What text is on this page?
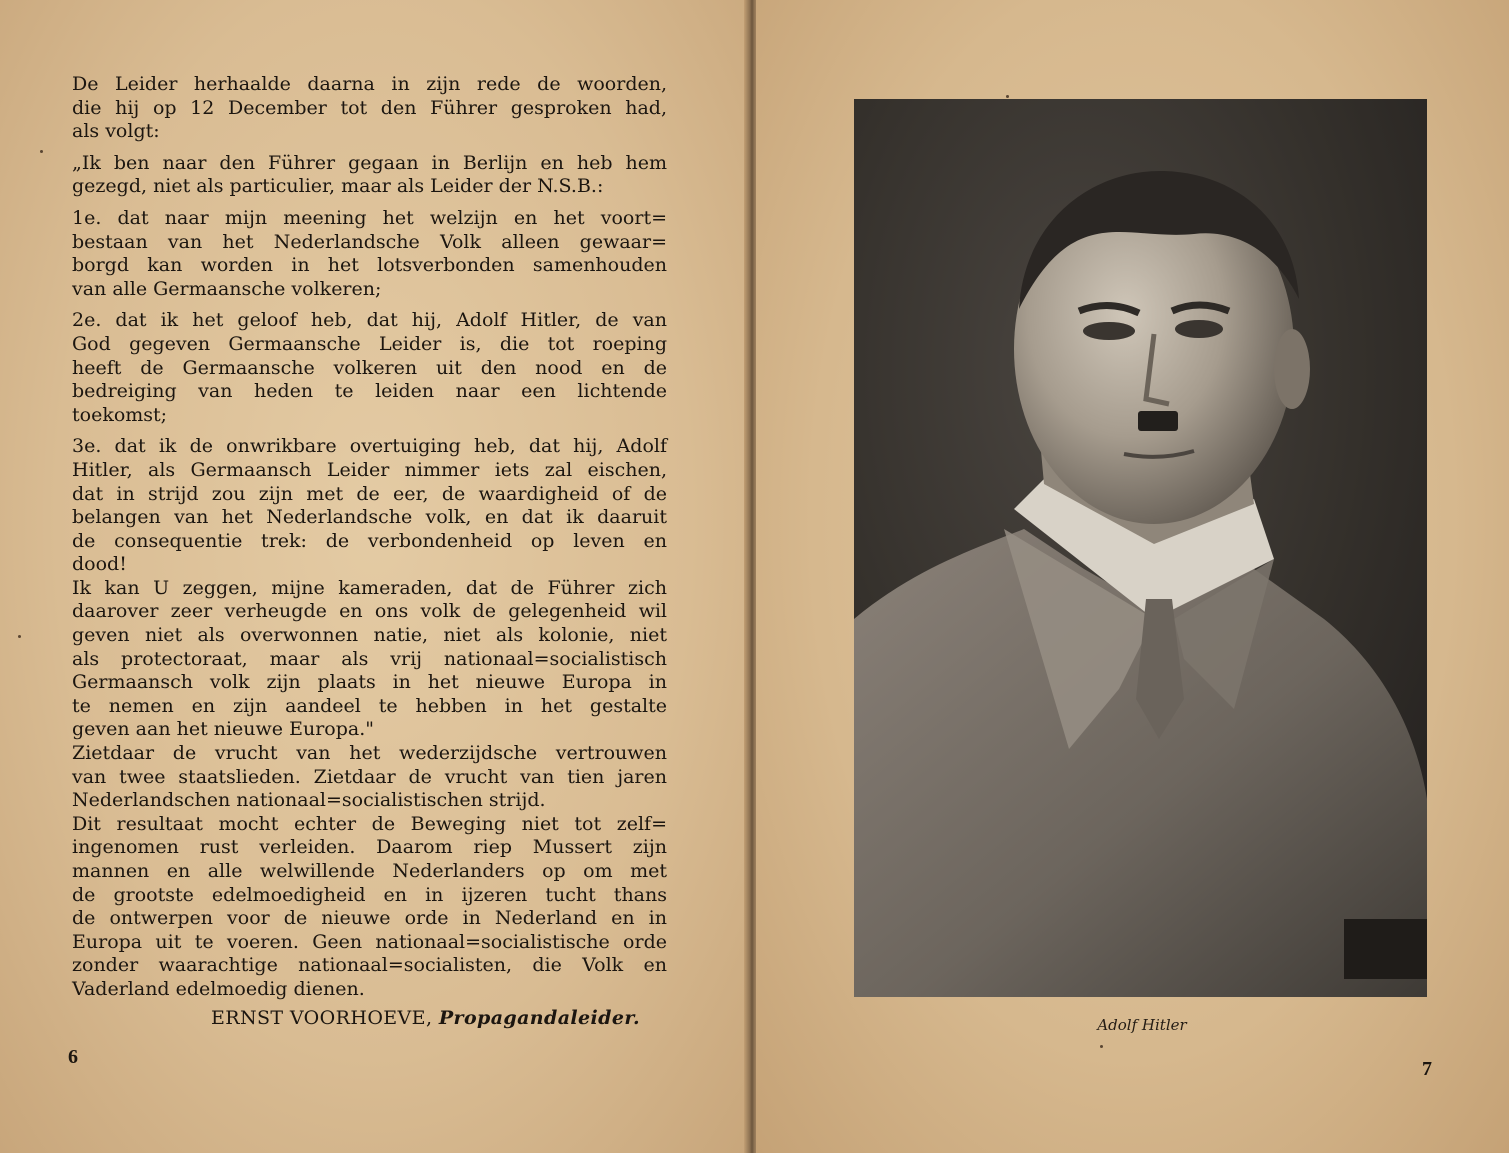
De Leider herhaalde daarna in zijn rede de woorden,

die hij op 12 December tot den Führer gesproken had,

als volgt:

„Ik ben naar den Führer gegaan in Berlijn en heb hem

gezegd, niet als particulier, maar als Leider der N.S.B.:

1e. dat naar mijn meening het welzijn en het voort=

bestaan van het Nederlandsche Volk alleen gewaar=

borgd kan worden in het lotsverbonden samenhouden

van alle Germaansche volkeren;

2e. dat ik het geloof heb, dat hij, Adolf Hitler, de van

God gegeven Germaansche Leider is, die tot roeping

heeft de Germaansche volkeren uit den nood en de

bedreiging van heden te leiden naar een lichtende

toekomst;

3e. dat ik de onwrikbare overtuiging heb, dat hij, Adolf

Hitler, als Germaansch Leider nimmer iets zal eischen,

dat in strijd zou zijn met de eer, de waardigheid of de

belangen van het Nederlandsche volk, en dat ik daaruit

de consequentie trek: de verbondenheid op leven en

dood!

Ik kan U zeggen, mijne kameraden, dat de Führer zich

daarover zeer verheugde en ons volk de gelegenheid wil

geven niet als overwonnen natie, niet als kolonie, niet

als protectoraat, maar als vrij nationaal=socialistisch

Germaansch volk zijn plaats in het nieuwe Europa in

te nemen en zijn aandeel te hebben in het gestalte

geven aan het nieuwe Europa."

Zietdaar de vrucht van het wederzijdsche vertrouwen

van twee staatslieden. Zietdaar de vrucht van tien jaren

Nederlandschen nationaal=socialistischen strijd.

Dit resultaat mocht echter de Beweging niet tot zelf=

ingenomen rust verleiden. Daarom riep Mussert zijn

mannen en alle welwillende Nederlanders op om met

de grootste edelmoedigheid en in ijzeren tucht thans

de ontwerpen voor de nieuwe orde in Nederland en in

Europa uit te voeren. Geen nationaal=socialistische orde

zonder waarachtige nationaal=socialisten, die Volk en

Vaderland edelmoedig dienen.

ERNST VOORHOEVE, Propagandaleider.
6
7
Adolf Hitler
